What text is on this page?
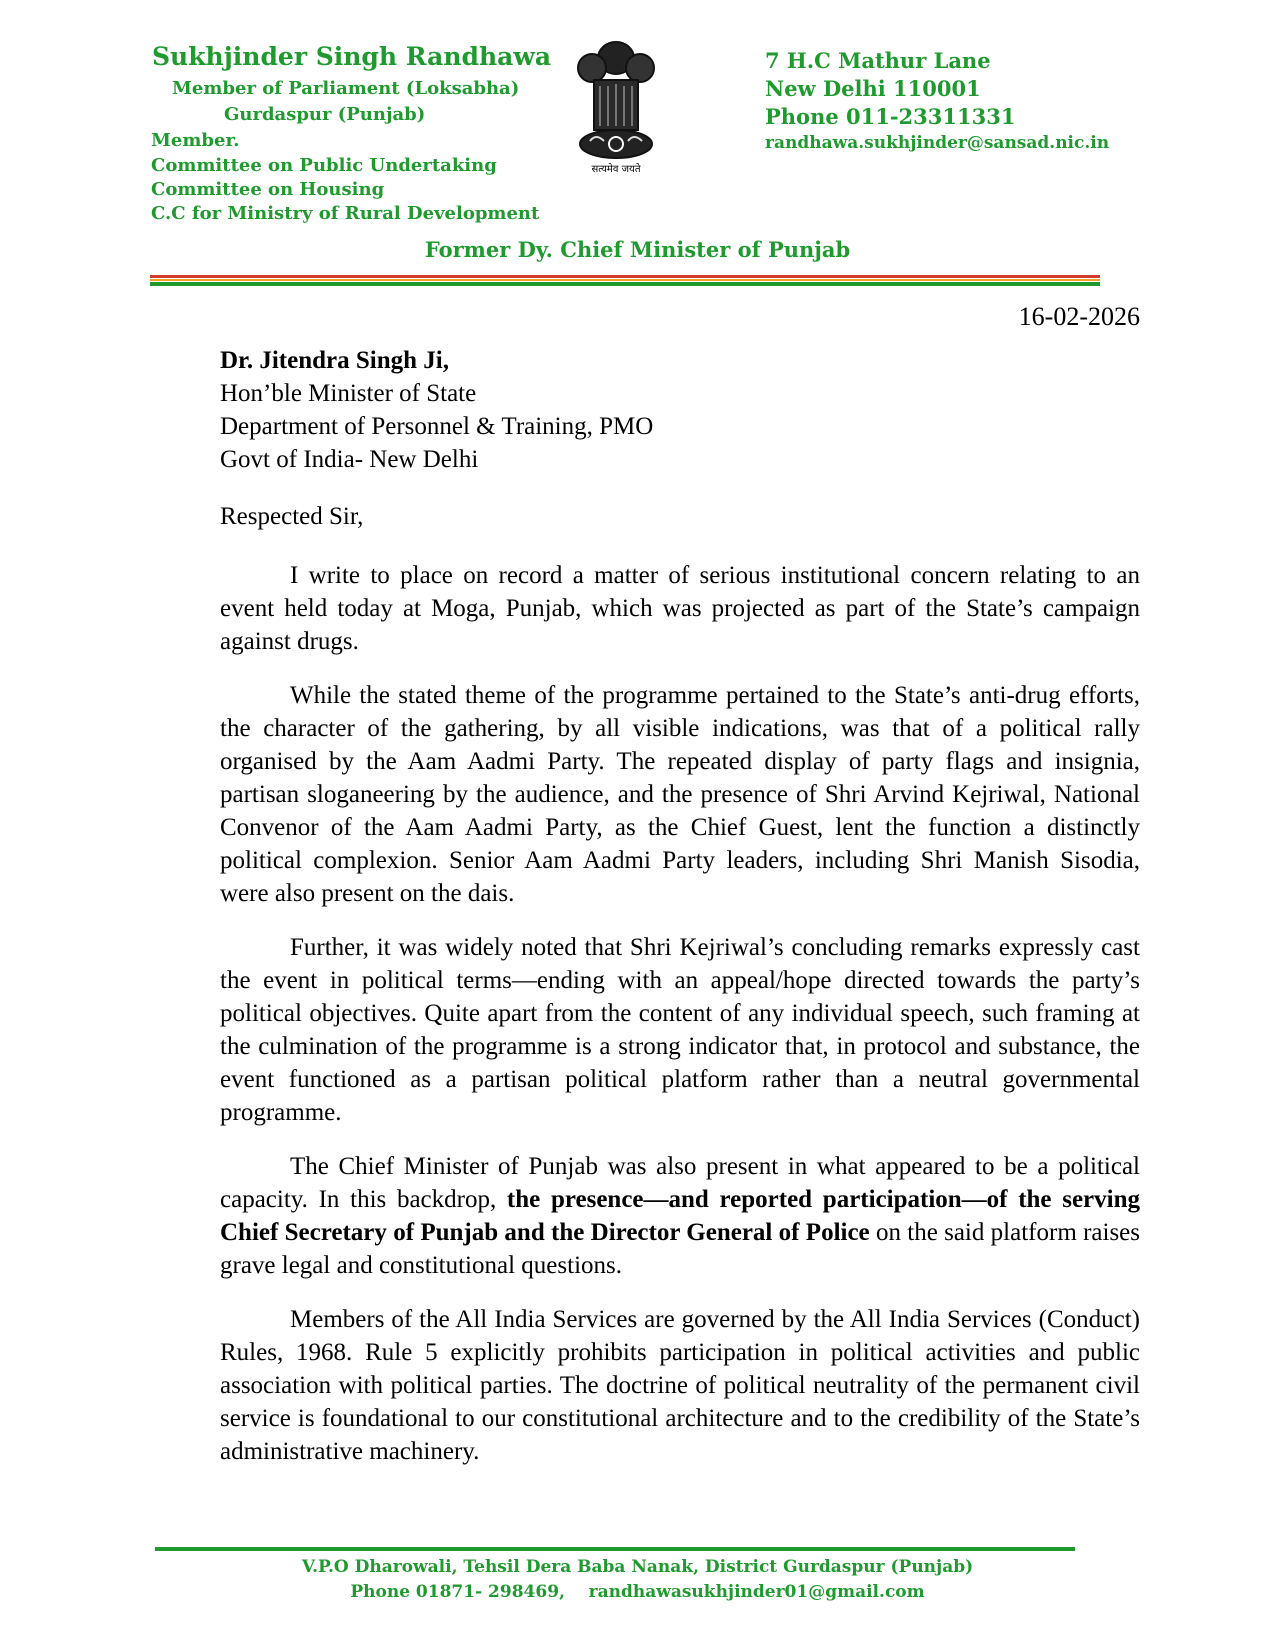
Sukhjinder Singh Randhawa
Member of Parliament (Loksabha)
Gurdaspur (Punjab)
Member.
Committee on Public Undertaking
Committee on Housing
C.C for Ministry of Rural Development
सत्यमेव जयते
7 H.C Mathur Lane
New Delhi 110001
Phone 011-23311331
randhawa.sukhjinder@sansad.nic.in
Former Dy. Chief Minister of Punjab
16-02-2026
Dr. Jitendra Singh Ji,
Hon’ble Minister of State
Department of Personnel & Training, PMO
Govt of India- New Delhi
Respected Sir,

I write to place on record a matter of serious institutional concern relating to an event held today at Moga, Punjab, which was projected as part of the State’s campaign against drugs.

While the stated theme of the programme pertained to the State’s anti-drug efforts, the character of the gathering, by all visible indications, was that of a political rally organised by the Aam Aadmi Party. The repeated display of party flags and insignia, partisan sloganeering by the audience, and the presence of Shri Arvind Kejriwal, National Convenor of the Aam Aadmi Party, as the Chief Guest, lent the function a distinctly political complexion. Senior Aam Aadmi Party leaders, including Shri Manish Sisodia, were also present on the dais.

Further, it was widely noted that Shri Kejriwal’s concluding remarks expressly cast the event in political terms—ending with an appeal/hope directed towards the party’s political objectives. Quite apart from the content of any individual speech, such framing at the culmination of the programme is a strong indicator that, in protocol and substance, the event functioned as a partisan political platform rather than a neutral governmental programme.

The Chief Minister of Punjab was also present in what appeared to be a political capacity. In this backdrop, the presence—and reported participation—of the serving Chief Secretary of Punjab and the Director General of Police on the said platform raises grave legal and constitutional questions.

Members of the All India Services are governed by the All India Services (Conduct) Rules, 1968. Rule 5 explicitly prohibits participation in political activities and public association with political parties. The doctrine of political neutrality of the permanent civil service is foundational to our constitutional architecture and to the credibility of the State’s administrative machinery.

V.P.O Dharowali, Tehsil Dera Baba Nanak, District Gurdaspur (Punjab)
Phone 01871- 298469,    randhawasukhjinder01@gmail.com
